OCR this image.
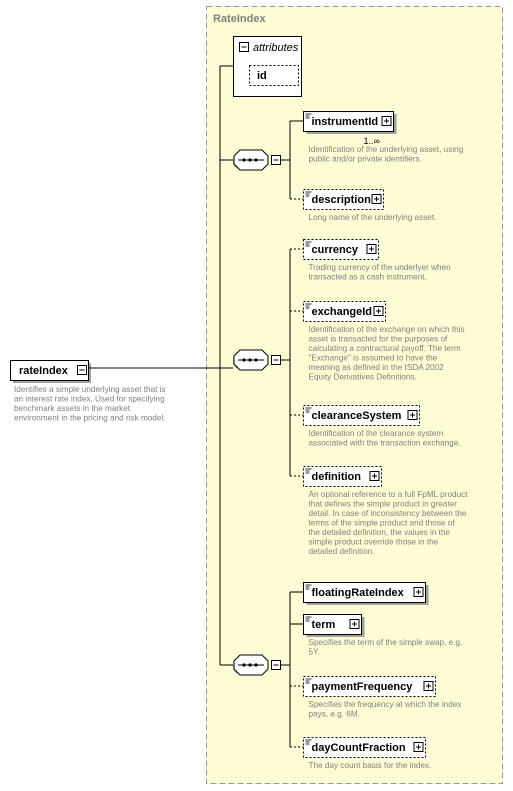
RateIndex
attributes
id
rateIndex
Identifies a simple underlying asset that is
an interest rate index. Used for specifying
benchmark assets in the market
environment in the pricing and risk model.
instrumentId
1..∞
Identification of the underlying asset, using
public and/or private identifiers.
description
Long name of the underlying asset.
currency
Trading currency of the underlyer when
transacted as a cash instrument.
exchangeId
Identification of the exchange on which this
asset is transacted for the purposes of
calculating a contractural payoff. The term
"Exchange" is assumed to have the
meaning as defined in the ISDA 2002
Equity Derivatives Definitions.
clearanceSystem
Identification of the clearance system
associated with the transaction exchange.
definition
An optional reference to a full FpML product
that defines the simple product in greater
detail. In case of inconsistency between the
terms of the simple product and those of
the detailed definition, the values in the
simple product override those in the
detailed definition.
floatingRateIndex
term
Specifies the term of the simple swap, e.g.
5Y.
paymentFrequency
Specifies the frequency at which the index
pays, e.g. 6M.
dayCountFraction
The day count basis for the index.
